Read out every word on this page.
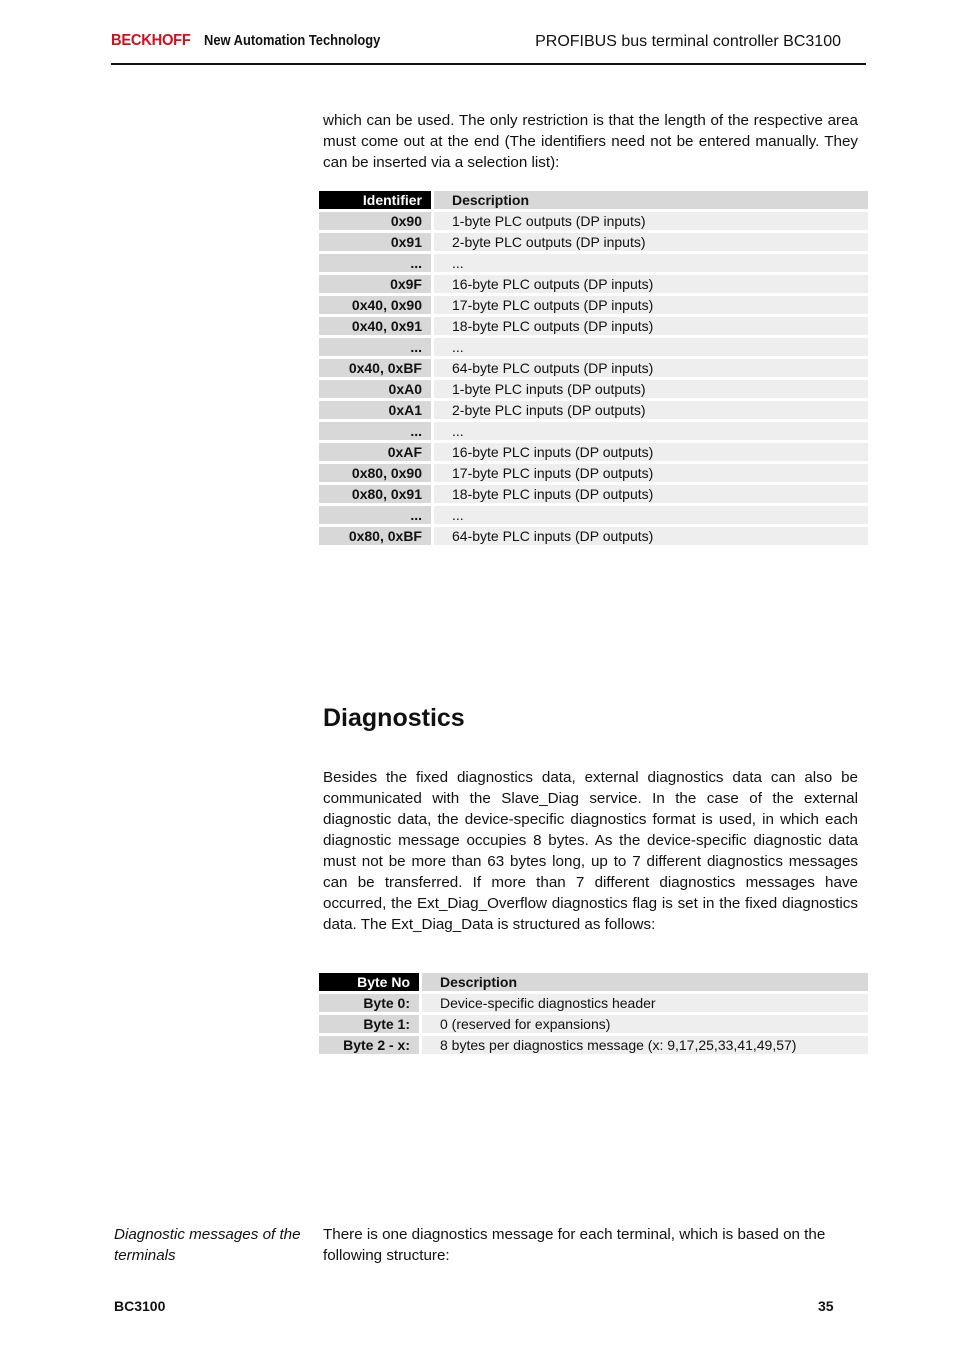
BECKHOFF New Automation Technology	PROFIBUS bus terminal controller BC3100

which can be used. The only restriction is that the length of the respective area must come out at the end (The identifiers need not be entered manually. They can be inserted via a selection list):

Identifier	Description
0x90	1-byte PLC outputs (DP inputs)
0x91	2-byte PLC outputs (DP inputs)
...	...
0x9F	16-byte PLC outputs (DP inputs)
0x40, 0x90	17-byte PLC outputs (DP inputs)
0x40, 0x91	18-byte PLC outputs (DP inputs)
...	...
0x40, 0xBF	64-byte PLC outputs (DP inputs)
0xA0	1-byte PLC inputs (DP outputs)
0xA1	2-byte PLC inputs (DP outputs)
...	...
0xAF	16-byte PLC inputs (DP outputs)
0x80, 0x90	17-byte PLC inputs (DP outputs)
0x80, 0x91	18-byte PLC inputs (DP outputs)
...	...
0x80, 0xBF	64-byte PLC inputs (DP outputs)
Diagnostics

Besides the fixed diagnostics data, external diagnostics data can also be communicated with the Slave_Diag service. In the case of the external diagnostic data, the device-specific diagnostics format is used, in which each diagnostic message occupies 8 bytes. As the device-specific diagnostic data must not be more than 63 bytes long, up to 7 different diagnostics messages can be transferred. If more than 7 different diagnostics messages have occurred, the Ext_Diag_Overflow diagnostics flag is set in the fixed diagnostics data. The Ext_Diag_Data is structured as follows:

Byte No	Description
Byte 0:	Device-specific diagnostics header
Byte 1:	0 (reserved for expansions)
Byte 2 - x:	8 bytes per diagnostics message (x: 9,17,25,33,41,49,57)
Diagnostic messages of the terminals

There is one diagnostics message for each terminal, which is based on the following structure:

BC3100	35
